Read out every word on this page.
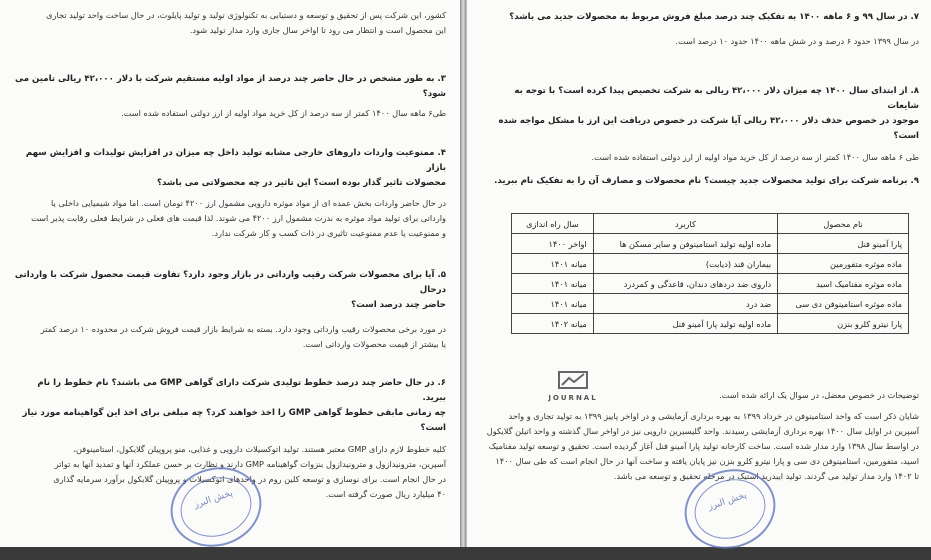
کشور، این شرکت پس از تحقیق و توسعه و دستیابی به تکنولوژی تولید و تولید پایلوت، در حال ساخت واحد تولید تجاری

این محصول است و انتظار می رود تا اواخر سال جاری وارد مدار تولید شود.

۳. به طور مشخص در حال حاضر چند درصد از مواد اولیه مستقیم شرکت با دلار ۴۲،۰۰۰ ریالی تامین می شود؟

طی۶ ماهه سال ۱۴۰۰ کمتر از سه درصد از کل خرید مواد اولیه از ارز دولتی استفاده شده است.

۴. ممنوعیت واردات داروهای خارجی مشابه تولید داخل چه میزان در افزایش تولیدات و افزایش سهم بازار

محصولات تاثیر گذار بوده است؟ این تاثیر در چه محصولاتی می باشد؟

در حال حاضر واردات بخش عمده ای از مواد موثره دارویی مشمول ارز ۴۲۰۰ تومان است. اما مواد شیمیایی داخلی یا

وارداتی برای تولید مواد موثره به ندرت مشمول ارز ۴۲۰۰ می شوند. لذا قیمت های فعلی در شرایط فعلی رقابت پذیر است

و ممنوعیت یا عدم ممنوعیت تاثیری در ذات کسب و کار شرکت ندارد.

۵. آیا برای محصولات شرکت رقیب وارداتی در بازار وجود دارد؟ تفاوت قیمت محصول شرکت با وارداتی درحال

حاضر چند درصد است؟

در مورد برخی محصولات رقیب وارداتی وجود دارد. بسته به شرایط بازار قیمت فروش شرکت در محدوده ۱۰ درصد کمتر

یا بیشتر از قیمت محصولات وارداتی است.

۶. در حال حاضر چند درصد خطوط تولیدی شرکت دارای گواهی GMP می باشند؟ نام خطوط را نام ببرید.

چه زمانی مابقی خطوط گواهی GMP را اخذ خواهند کرد؟ چه مبلغی برای اخذ این گواهینامه مورد نیاز است؟

کلیه خطوط لازم دارای GMP معتبر هستند. تولید اتوکسیلات دارویی و غذایی، منو پروپیلن گلایکول، استامینوفن،

آسپرین، مترونیدازول و مترونیدازول بنزوات گواهینامه GMP دارند و نظارت بر حسن عملکرد آنها و تمدید آنها به تواتر

در حال انجام است. برای نوسازی و توسعه کلین روم در واحدهای اتوکسیلات و پروپیلن گلایکول برآورد سرمایه گذاری

۴۰ میلیارد ریال صورت گرفته است.

۷. در سال ۹۹ و ۶ ماهه ۱۴۰۰ به تفکیک چند درصد مبلغ فروش مربوط به محصولات جدید می باشد؟

در سال ۱۳۹۹ حدود ۶ درصد و در شش ماهه ۱۴۰۰ حدود ۱۰ درصد است.

۸. از ابتدای سال ۱۴۰۰ چه میزان دلار ۴۲،۰۰۰ ریالی به شرکت تخصیص پیدا کرده است؟ با توجه به شایعات

موجود در خصوص حذف دلار ۴۲،۰۰۰ ریالی آیا شرکت در خصوص دریافت این ارز با مشکل مواجه شده است؟

طی ۶ ماهه سال ۱۴۰۰ کمتر از سه درصد از کل خرید مواد اولیه از ارز دولتی استفاده شده است.

۹. برنامه شرکت برای تولید محصولات جدید چیست؟ نام محصولات و مصارف آن را به تفکیک نام ببرید.

نام محصول	کاربرد	سال راه اندازی
پارا آمینو فنل	ماده اولیه تولید استامینوفن و سایر مسکن ها	اواخر ۱۴۰۰
ماده موثره متفورمین	بیماران قند (دیابت)	میانه ۱۴۰۱
ماده موثره مفنامیک اسید	داروی ضد دردهای دندان، قاعدگی و کمردرد	میانه ۱۴۰۱
ماده موثره استامینوفن دی سی	ضد درد	میانه ۱۴۰۱
پارا نیترو کلرو بنزن	ماده اولیه تولید پارا آمینو فنل	میانه ۱۴۰۲

توضیحات در خصوص معضل، در سوال یک ارائه شده است.

شایان ذکر است که واحد استامینوفن در خرداد ۱۳۹۹ به بهره برداری آزمایشی و در اواخر پاییز ۱۳۹۹ به تولید تجاری و واحد

آسپرین در اوایل سال ۱۴۰۰ بهره برداری آزمایشی رسیدند. واحد گلیسیرین دارویی نیز در اواخر سال گذشته و واحد اتیلن گلایکول

در اواسط سال ۱۳۹۸ وارد مدار شده است. ساخت کارخانه تولید پارا آمینو فنل آغاز گردیده است. تحقیق و توسعه تولید مفنامیک

اسید، متفورمین، استامینوفن دی سی و پارا نیترو کلرو بنزن نیز پایان یافته و ساخت آنها در حال انجام است که طی سال ۱۴۰۰

تا ۱۴۰۲ وارد مدار تولید می گردند. تولید ایبدرید استیک در مرحله تحقیق و توسعه می باشد.

JOURNAL
پخش البرز	پخش البرز
